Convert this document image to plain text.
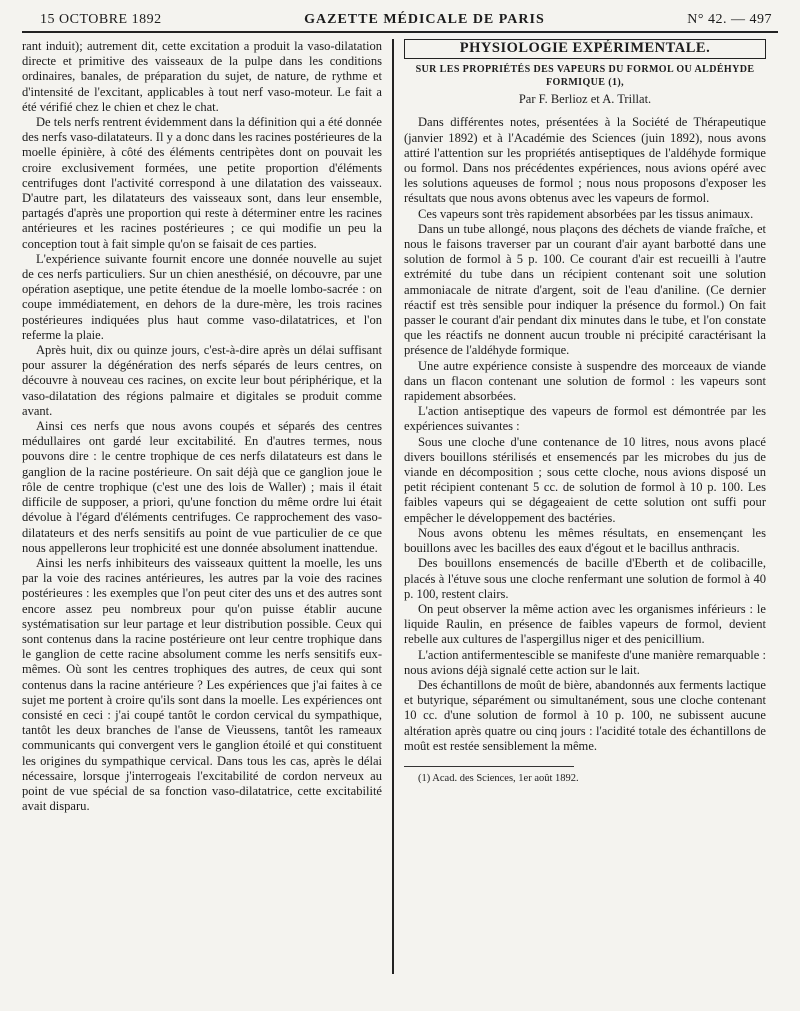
15 OCTOBRE 1892	GAZETTE MÉDICALE DE PARIS	N° 42. — 497

rant induit); autrement dit, cette excitation a produit la vaso-dilatation directe et primitive des vaisseaux de la pulpe dans les conditions ordinaires, banales, de préparation du sujet, de nature, de rythme et d'intensité de l'excitant, applicables à tout nerf vaso-moteur. Le fait a été vérifié chez le chien et chez le chat.

De tels nerfs rentrent évidemment dans la définition qui a été donnée des nerfs vaso-dilatateurs. Il y a donc dans les racines postérieures de la moelle épinière, à côté des éléments centripètes dont on pouvait les croire exclusivement formées, une petite proportion d'éléments centrifuges dont l'activité correspond à une dilatation des vaisseaux. D'autre part, les dilatateurs des vaisseaux sont, dans leur ensemble, partagés d'après une proportion qui reste à déterminer entre les racines antérieures et les racines postérieures ; ce qui modifie un peu la conception tout à fait simple qu'on se faisait de ces parties.

L'expérience suivante fournit encore une donnée nouvelle au sujet de ces nerfs particuliers. Sur un chien anesthésié, on découvre, par une opération aseptique, une petite étendue de la moelle lombo-sacrée : on coupe immédiatement, en dehors de la dure-mère, les trois racines postérieures indiquées plus haut comme vaso-dilatatrices, et l'on referme la plaie.

Après huit, dix ou quinze jours, c'est-à-dire après un délai suffisant pour assurer la dégénération des nerfs séparés de leurs centres, on découvre à nouveau ces racines, on excite leur bout périphérique, et la vaso-dilatation des régions palmaire et digitales se produit comme avant.

Ainsi ces nerfs que nous avons coupés et séparés des centres médullaires ont gardé leur excitabilité. En d'autres termes, nous pouvons dire : le centre trophique de ces nerfs dilatateurs est dans le ganglion de la racine postérieure. On sait déjà que ce ganglion joue le rôle de centre trophique (c'est une des lois de Waller) ; mais il était difficile de supposer, a priori, qu'une fonction du même ordre lui était dévolue à l'égard d'éléments centrifuges. Ce rapprochement des vaso-dilatateurs et des nerfs sensitifs au point de vue particulier de ce que nous appellerons leur trophicité est une donnée absolument inattendue.

Ainsi les nerfs inhibiteurs des vaisseaux quittent la moelle, les uns par la voie des racines antérieures, les autres par la voie des racines postérieures : les exemples que l'on peut citer des uns et des autres sont encore assez peu nombreux pour qu'on puisse établir aucune systématisation sur leur partage et leur distribution possible. Ceux qui sont contenus dans la racine postérieure ont leur centre trophique dans le ganglion de cette racine absolument comme les nerfs sensitifs eux-mêmes. Où sont les centres trophiques des autres, de ceux qui sont contenus dans la racine antérieure ? Les expériences que j'ai faites à ce sujet me portent à croire qu'ils sont dans la moelle. Les expériences ont consisté en ceci : j'ai coupé tantôt le cordon cervical du sympathique, tantôt les deux branches de l'anse de Vieussens, tantôt les rameaux communicants qui convergent vers le ganglion étoilé et qui constituent les origines du sympathique cervical. Dans tous les cas, après le délai nécessaire, lorsque j'interrogeais l'excitabilité de cordon nerveux au point de vue spécial de sa fonction vaso-dilatatrice, cette excitabilité avait disparu.

PHYSIOLOGIE EXPÉRIMENTALE.
SUR LES PROPRIÉTÉS DES VAPEURS DU FORMOL OU ALDÉHYDE FORMIQUE (1),
Par F. Berlioz et A. Trillat.

Dans différentes notes, présentées à la Société de Thérapeutique (janvier 1892) et à l'Académie des Sciences (juin 1892), nous avons attiré l'attention sur les propriétés antiseptiques de l'aldéhyde formique ou formol. Dans nos précédentes expériences, nous avions opéré avec les solutions aqueuses de formol ; nous nous proposons d'exposer les résultats que nous avons obtenus avec les vapeurs de formol.

Ces vapeurs sont très rapidement absorbées par les tissus animaux.

Dans un tube allongé, nous plaçons des déchets de viande fraîche, et nous le faisons traverser par un courant d'air ayant barbotté dans une solution de formol à 5 p. 100. Ce courant d'air est recueilli à l'autre extrémité du tube dans un récipient contenant soit une solution ammoniacale de nitrate d'argent, soit de l'eau d'aniline. (Ce dernier réactif est très sensible pour indiquer la présence du formol.) On fait passer le courant d'air pendant dix minutes dans le tube, et l'on constate que les réactifs ne donnent aucun trouble ni précipité caractérisant la présence de l'aldéhyde formique.

Une autre expérience consiste à suspendre des morceaux de viande dans un flacon contenant une solution de formol : les vapeurs sont rapidement absorbées.

L'action antiseptique des vapeurs de formol est démontrée par les expériences suivantes :

Sous une cloche d'une contenance de 10 litres, nous avons placé divers bouillons stérilisés et ensemencés par les microbes du jus de viande en décomposition ; sous cette cloche, nous avions disposé un petit récipient contenant 5 cc. de solution de formol à 10 p. 100. Les faibles vapeurs qui se dégageaient de cette solution ont suffi pour empêcher le développement des bactéries.

Nous avons obtenu les mêmes résultats, en ensemençant les bouillons avec les bacilles des eaux d'égout et le bacillus anthracis.

Des bouillons ensemencés de bacille d'Eberth et de colibacille, placés à l'étuve sous une cloche renfermant une solution de formol à 40 p. 100, restent clairs.

On peut observer la même action avec les organismes inférieurs : le liquide Raulin, en présence de faibles vapeurs de formol, devient rebelle aux cultures de l'aspergillus niger et des penicillium.

L'action antifermentescible se manifeste d'une manière remarquable : nous avions déjà signalé cette action sur le lait.

Des échantillons de moût de bière, abandonnés aux ferments lactique et butyrique, séparément ou simultanément, sous une cloche contenant 10 cc. d'une solution de formol à 10 p. 100, ne subissent aucune altération après quatre ou cinq jours : l'acidité totale des échantillons de moût est restée sensiblement la même.

(1) Acad. des Sciences, 1er août 1892.
